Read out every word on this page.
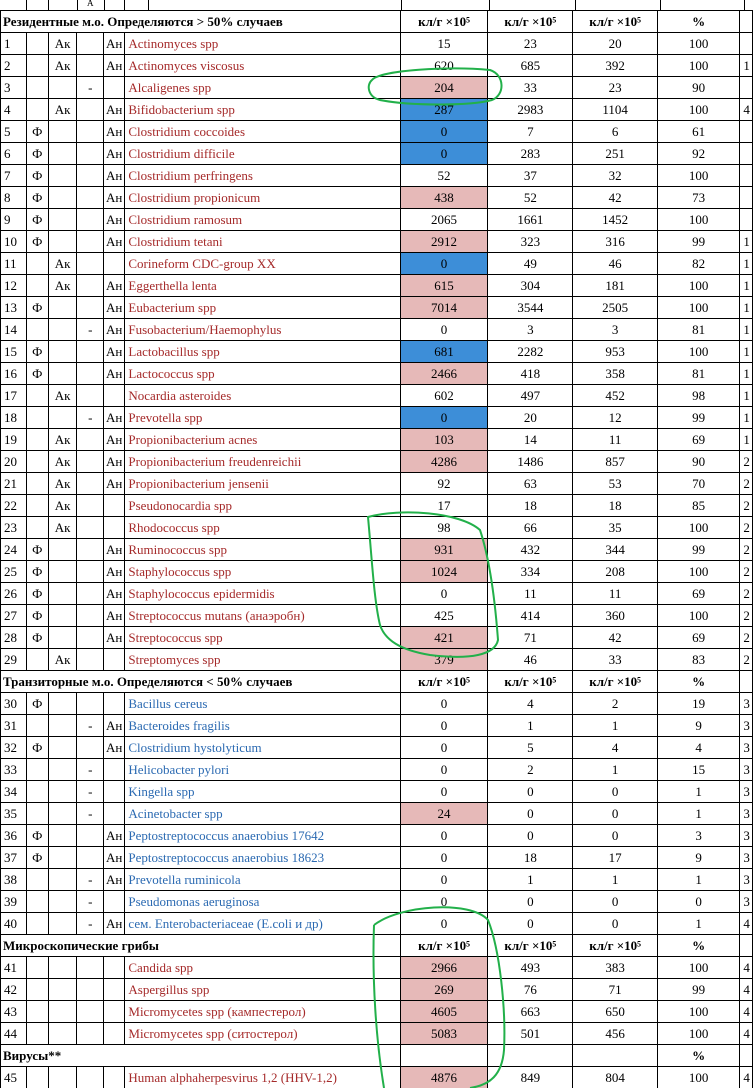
A
Резидентные м.о. Определяются > 50% случаев						кл/г ×10⁵	кл/г ×10⁵	кл/г ×10⁵	%	
1		Ак		Ан	Actinomyces spp	15	23	20	100	
2		Ак		Ан	Actinomyces viscosus	620	685	392	100	1
3			-		Alcaligenes spp	204	33	23	90	
4		Ак		Ан	Bifidobacterium spp	287	2983	1104	100	4
5	Ф			Ан	Clostridium coccoides	0	7	6	61	
6	Ф			Ан	Clostridium difficile	0	283	251	92	
7	Ф			Ан	Clostridium perfringens	52	37	32	100	
8	Ф			Ан	Clostridium propionicum	438	52	42	73	
9	Ф			Ан	Clostridium ramosum	2065	1661	1452	100	
10	Ф			Ан	Clostridium tetani	2912	323	316	99	1
11		Ак			Corineform CDC-group XX	0	49	46	82	1
12		Ак		Ан	Eggerthella lenta	615	304	181	100	1
13	Ф			Ан	Eubacterium spp	7014	3544	2505	100	1
14			-	Ан	Fusobacterium/Haemophylus	0	3	3	81	1
15	Ф			Ан	Lactobacillus spp	681	2282	953	100	1
16	Ф			Ан	Lactococcus spp	2466	418	358	81	1
17		Ак			Nocardia asteroides	602	497	452	98	1
18			-	Ан	Prevotella spp	0	20	12	99	1
19		Ак		Ан	Propionibacterium acnes	103	14	11	69	1
20		Ак		Ан	Propionibacterium freudenreichii	4286	1486	857	90	2
21		Ак		Ан	Propionibacterium jensenii	92	63	53	70	2
22		Ак			Pseudonocardia spp	17	18	18	85	2
23		Ак			Rhodococcus spp	98	66	35	100	2
24	Ф			Ан	Ruminococcus spp	931	432	344	99	2
25	Ф			Ан	Staphylococcus spp	1024	334	208	100	2
26	Ф			Ан	Staphylococcus epidermidis	0	11	11	69	2
27	Ф			Ан	Streptococcus mutans (анаэробн)	425	414	360	100	2
28	Ф			Ан	Streptococcus spp	421	71	42	69	2
29		Ак			Streptomyces spp	379	46	33	83	2
Транзиторные м.о. Определяются < 50% случаев						кл/г ×10⁵	кл/г ×10⁵	кл/г ×10⁵	%	
30	Ф				Bacillus cereus	0	4	2	19	3
31			-	Ан	Bacteroides fragilis	0	1	1	9	3
32	Ф			Ан	Clostridium hystolyticum	0	5	4	4	3
33			-		Helicobacter pylori	0	2	1	15	3
34			-		Kingella spp	0	0	0	1	3
35			-		Acinetobacter spp	24	0	0	1	3
36	Ф			Ан	Peptostreptococcus anaerobius 17642	0	0	0	3	3
37	Ф			Ан	Peptostreptococcus anaerobius 18623	0	18	17	9	3
38			-	Ан	Prevotella ruminicola	0	1	1	1	3
39			-		Pseudomonas aeruginosa	0	0	0	0	3
40			-	Ан	сем. Enterobacteriaceae (E.coli и др)	0	0	0	1	4
Микроскопические грибы						кл/г ×10⁵	кл/г ×10⁵	кл/г ×10⁵	%	
41					Candida spp	2966	493	383	100	4
42					Aspergillus spp	269	76	71	99	4
43					Micromycetes spp (кампестерол)	4605	663	650	100	4
44					Micromycetes spp (ситостерол)	5083	501	456	100	4
Вирусы**									%	
45					Human alphaherpesvirus 1,2 (HHV-1,2)	4876	849	804	100	4
